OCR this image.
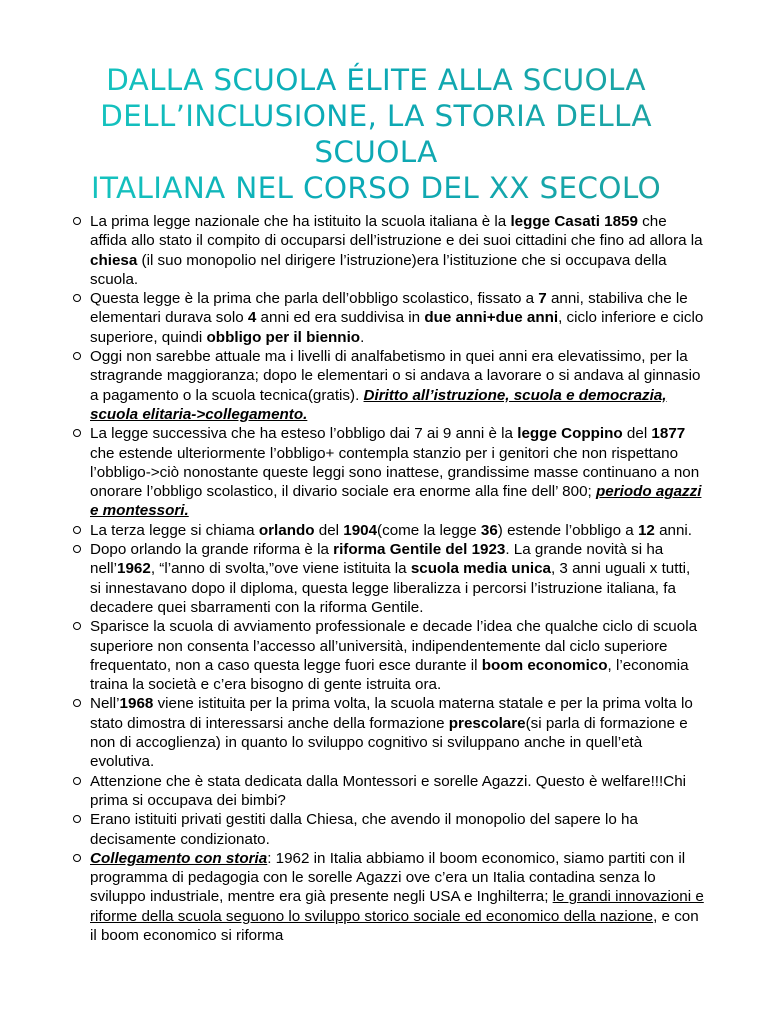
DALLA SCUOLA ÉLITE ALLA SCUOLA
DELL’INCLUSIONE, LA STORIA DELLA SCUOLA
ITALIANA NEL CORSO DEL XX SECOLO
La prima legge nazionale che ha istituito la scuola italiana è la legge Casati 1859 che affida allo stato il compito di occuparsi dell’istruzione e dei suoi cittadini che fino ad allora la chiesa (il suo monopolio nel dirigere l’istruzione)era l’istituzione che si occupava della scuola.
Questa legge è la prima che parla dell’obbligo scolastico, fissato a 7 anni, stabiliva che le elementari durava solo 4 anni ed era suddivisa in due anni+due anni, ciclo inferiore e ciclo superiore, quindi obbligo per il biennio.
Oggi non sarebbe attuale ma i livelli di analfabetismo in quei anni era elevatissimo, per la stragrande maggioranza; dopo le elementari o si andava a lavorare o si andava al ginnasio a pagamento o la scuola tecnica(gratis). Diritto all’istruzione, scuola e democrazia, scuola elitaria->collegamento.
La legge successiva che ha esteso l’obbligo dai 7 ai 9 anni è la legge Coppino del 1877 che estende ulteriormente l’obbligo+ contempla stanzio per i genitori che non rispettano l’obbligo->ciò nonostante queste leggi sono inattese, grandissime masse continuano a non onorare l’obbligo scolastico, il divario sociale era enorme alla fine dell’ 800; periodo agazzi e montessori.
La terza legge si chiama orlando del 1904(come la legge 36) estende l’obbligo a 12 anni.
Dopo orlando la grande riforma è la riforma Gentile del 1923. La grande novità si ha nell’1962, “l’anno di svolta,”ove viene istituita la scuola media unica, 3 anni uguali x tutti, si innestavano dopo il diploma, questa legge liberalizza i percorsi l’istruzione italiana, fa decadere quei sbarramenti con la riforma Gentile.
Sparisce la scuola di avviamento professionale e decade l’idea che qualche ciclo di scuola superiore non consenta l’accesso all’università, indipendentemente dal ciclo superiore frequentato, non a caso questa legge fuori esce durante il boom economico, l’economia traina la società e c’era bisogno di gente istruita ora.
Nell’1968 viene istituita per la prima volta, la scuola materna statale e per la prima volta lo stato dimostra di interessarsi anche della formazione prescolare(si parla di formazione e non di accoglienza) in quanto lo sviluppo cognitivo si sviluppano anche in quell’età evolutiva.
Attenzione che è stata dedicata dalla Montessori e sorelle Agazzi. Questo è welfare!!!Chi prima si occupava dei bimbi?
Erano istituiti privati gestiti dalla Chiesa, che avendo il monopolio del sapere lo ha decisamente condizionato.
Collegamento con storia: 1962 in Italia abbiamo il boom economico, siamo partiti con il programma di pedagogia con le sorelle Agazzi ove c’era un Italia contadina senza lo sviluppo industriale, mentre era già presente negli USA e Inghilterra; le grandi innovazioni e riforme della scuola seguono lo sviluppo storico sociale ed economico della nazione, e con il boom economico si riforma
